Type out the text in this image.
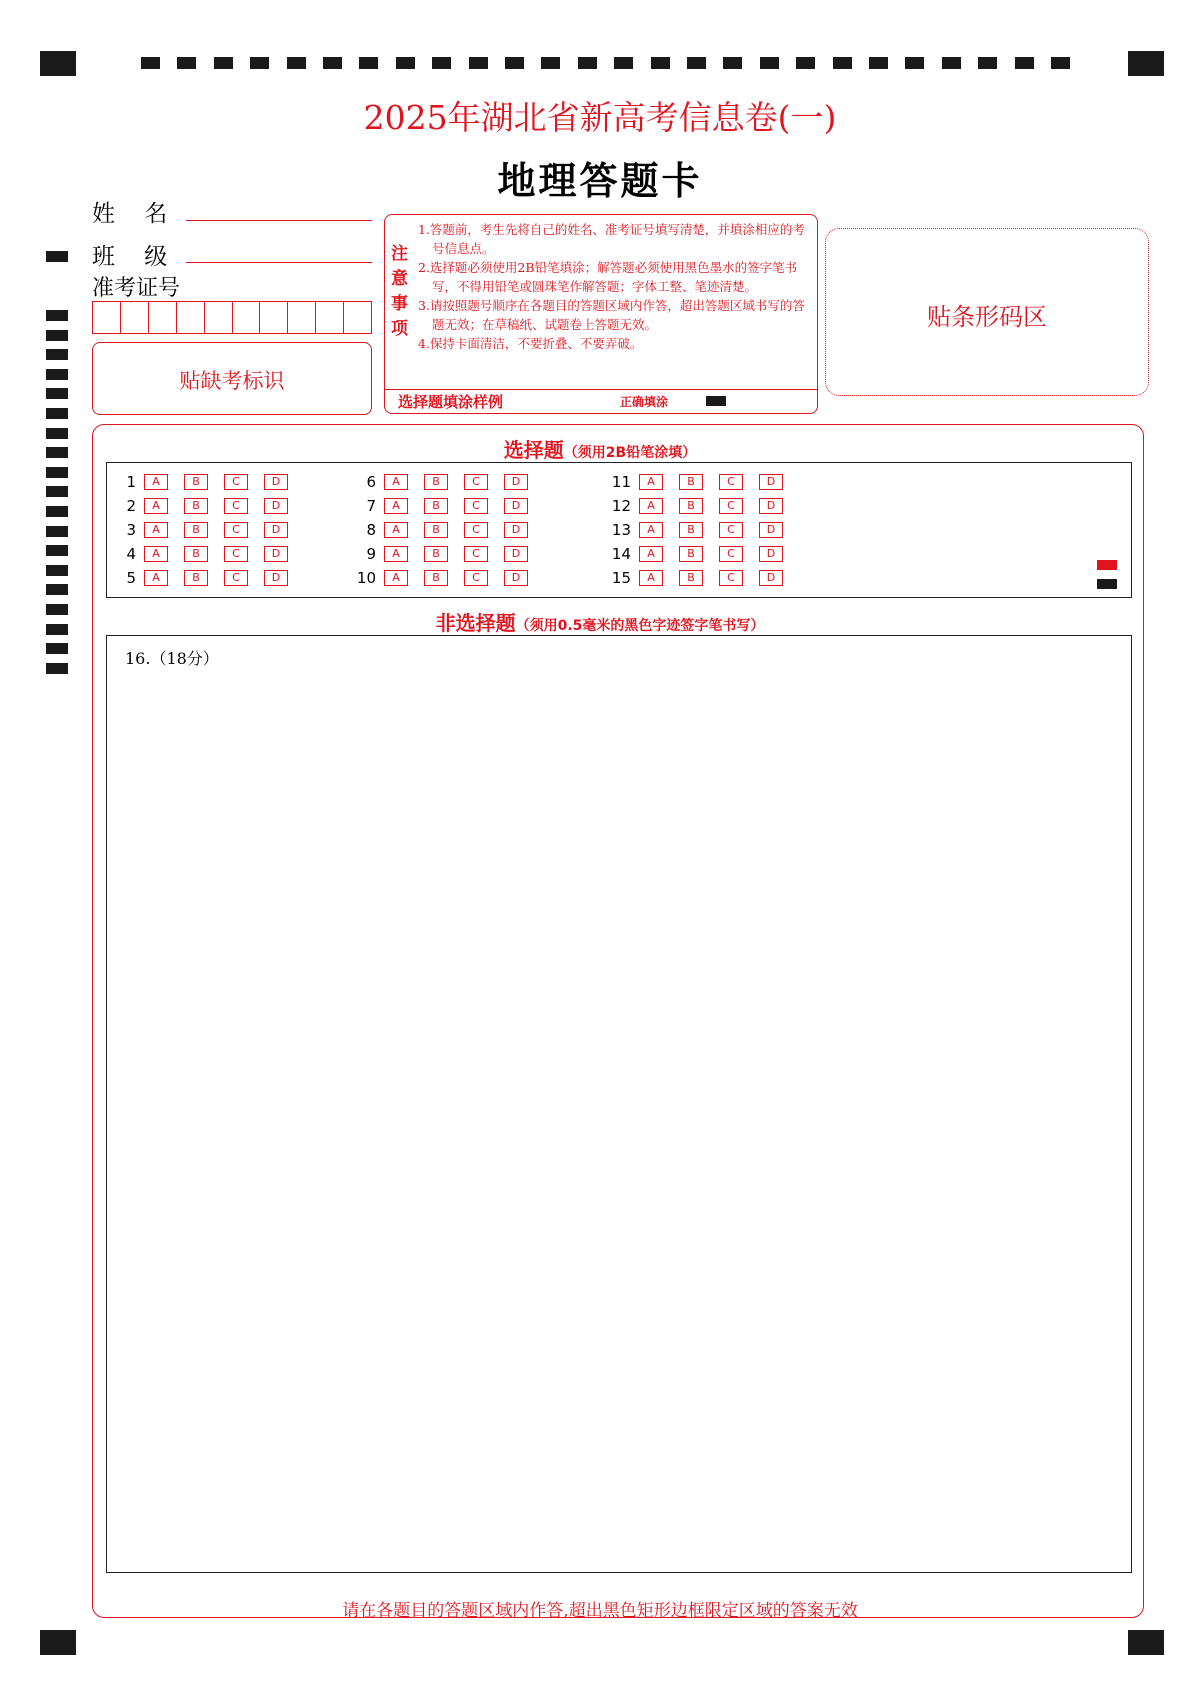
2025年湖北省新高考信息卷(一)
地理答题卡
姓    名
班    级
准考证号
贴缺考标识
注
意
事
项

1.答题前，考生先将自己的姓名、准考证号填写清楚，并填涂相应的考号信息点。

2.选择题必须使用2B铅笔填涂；解答题必须使用黑色墨水的签字笔书写，不得用铅笔或圆珠笔作解答题；字体工整、笔迹清楚。

3.请按照题号顺序在各题目的答题区域内作答，超出答题区域书写的答题无效；在草稿纸、试题卷上答题无效。

4.保持卡面清洁，不要折叠、不要弄破。

选择题填涂样例	正确填涂
贴条形码区
选择题（须用2B铅笔涂填）
1	A	B	C	D
2	A	B	C	D
3	A	B	C	D
4	A	B	C	D
5	A	B	C	D
6	A	B	C	D
7	A	B	C	D
8	A	B	C	D
9	A	B	C	D
10	A	B	C	D
11	A	B	C	D
12	A	B	C	D
13	A	B	C	D
14	A	B	C	D
15	A	B	C	D
非选择题（须用0.5毫米的黑色字迹签字笔书写）
16.（18分）
请在各题目的答题区域内作答,超出黑色矩形边框限定区域的答案无效
